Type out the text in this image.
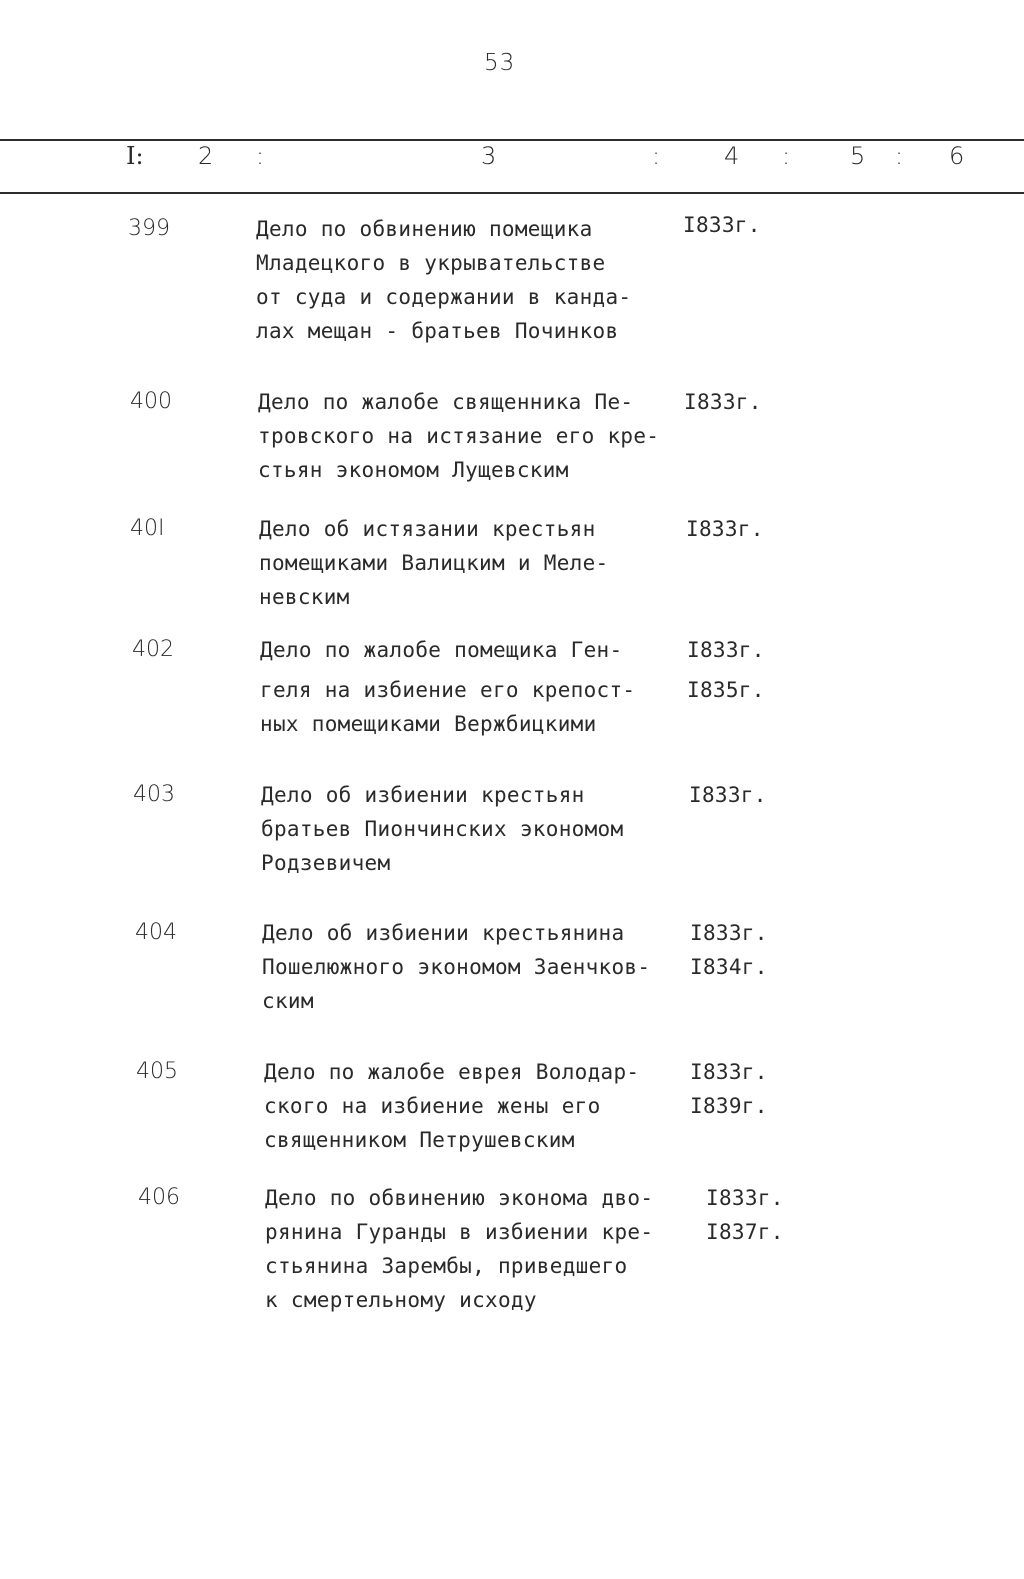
53
I: 2 :	3	:	4 : 5 : 6
399	Дело по обвинению помещика
Младецкого в укрывательстве
от суда и содержании в канда-
лах мещан - братьев Починков
I833г.
400	Дело по жалобе священника Пе-
тровского на истязание его кре-
стьян экономом Лущевским
I833г.
40I	Дело об истязании крестьян
помещиками Валицким и Меле-
невским
I833г.
402	Дело по жалобе помещика Ген-
геля на избиение его крепост-
ных помещиками Вержбицкими
I833г.
I835г.
403	Дело об избиении крестьян
братьев Пиончинских экономом
Родзевичем
I833г.
404	Дело об избиении крестьянина
Пошелюжного экономом Заенчков-
ским
I833г.
I834г.
405	Дело по жалобе еврея Володар-
ского на избиение жены его
священником Петрушевским
I833г.
I839г.
406	Дело по обвинению эконома дво-
рянина Гуранды в избиении кре-
стьянина Зарембы, приведшего
к смертельному исходу
I833г.
I837г.
